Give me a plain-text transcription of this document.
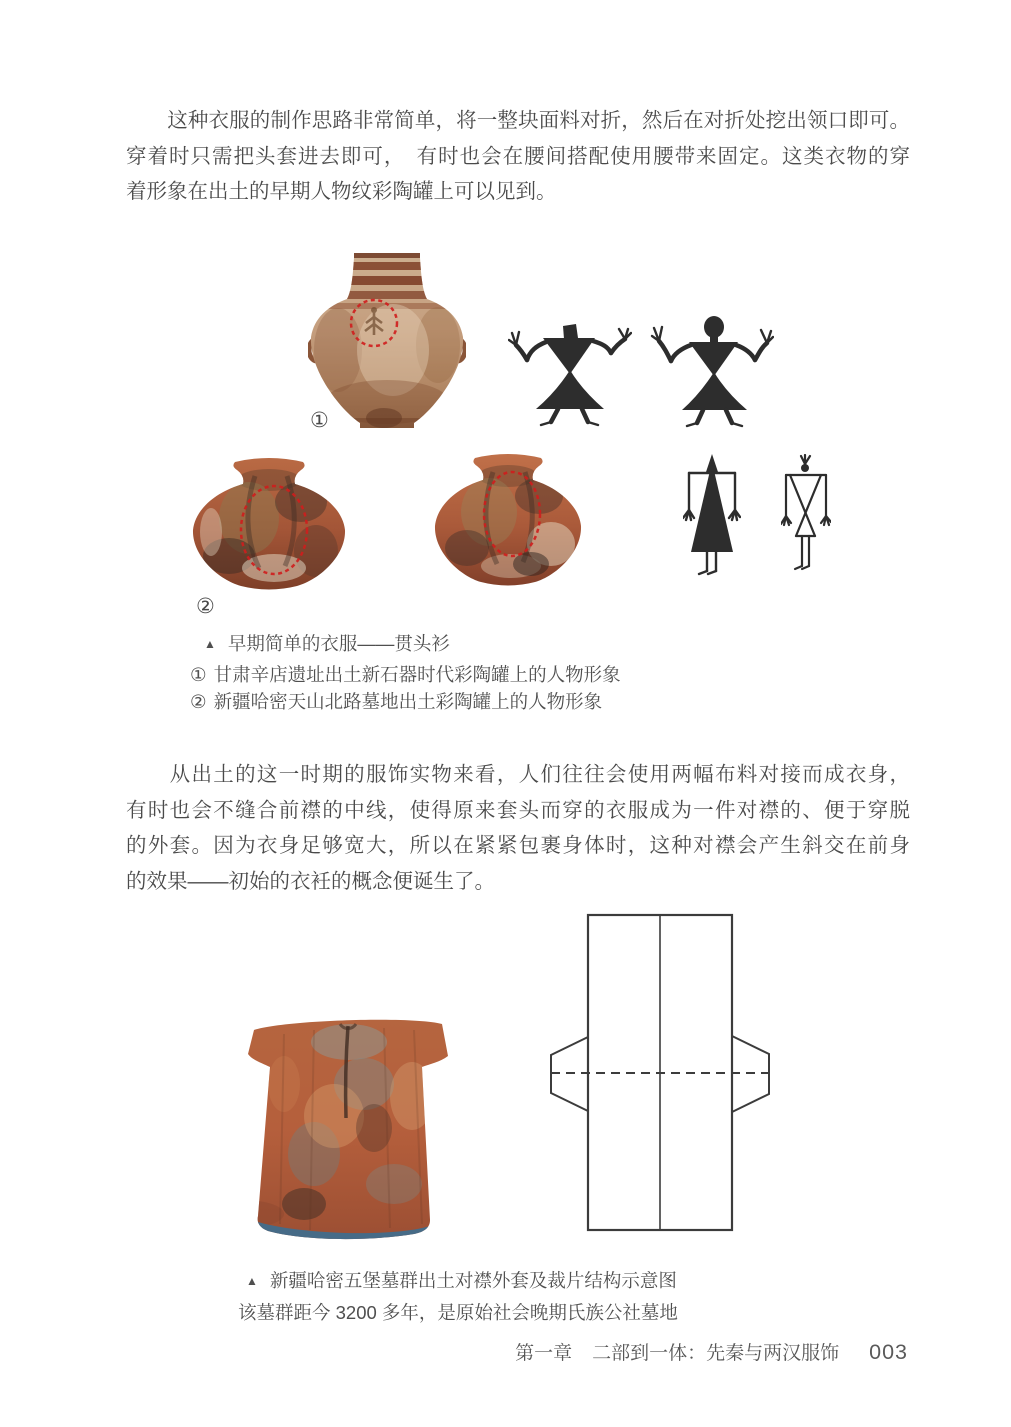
　　这种衣服的制作思路非常简单，将一整块面料对折，然后在对折处挖出领口即可。
穿着时只需把头套进去即可，　有时也会在腰间搭配使用腰带来固定。这类衣物的穿
着形象在出土的早期人物纹彩陶罐上可以见到。
①
②
▲ 早期简单的衣服——贯头衫
① 甘肃辛店遗址出土新石器时代彩陶罐上的人物形象
② 新疆哈密天山北路墓地出土彩陶罐上的人物形象
　　从出土的这一时期的服饰实物来看，人们往往会使用两幅布料对接而成衣身，
有时也会不缝合前襟的中线，使得原来套头而穿的衣服成为一件对襟的、便于穿脱
的外套。因为衣身足够宽大，所以在紧紧包裹身体时，这种对襟会产生斜交在前身
的效果——初始的衣衽的概念便诞生了。
▲ 新疆哈密五堡墓群出土对襟外套及裁片结构示意图
该墓群距今 3200 多年，是原始社会晚期氏族公社墓地
第一章 二部到一体：先秦与两汉服饰 003
